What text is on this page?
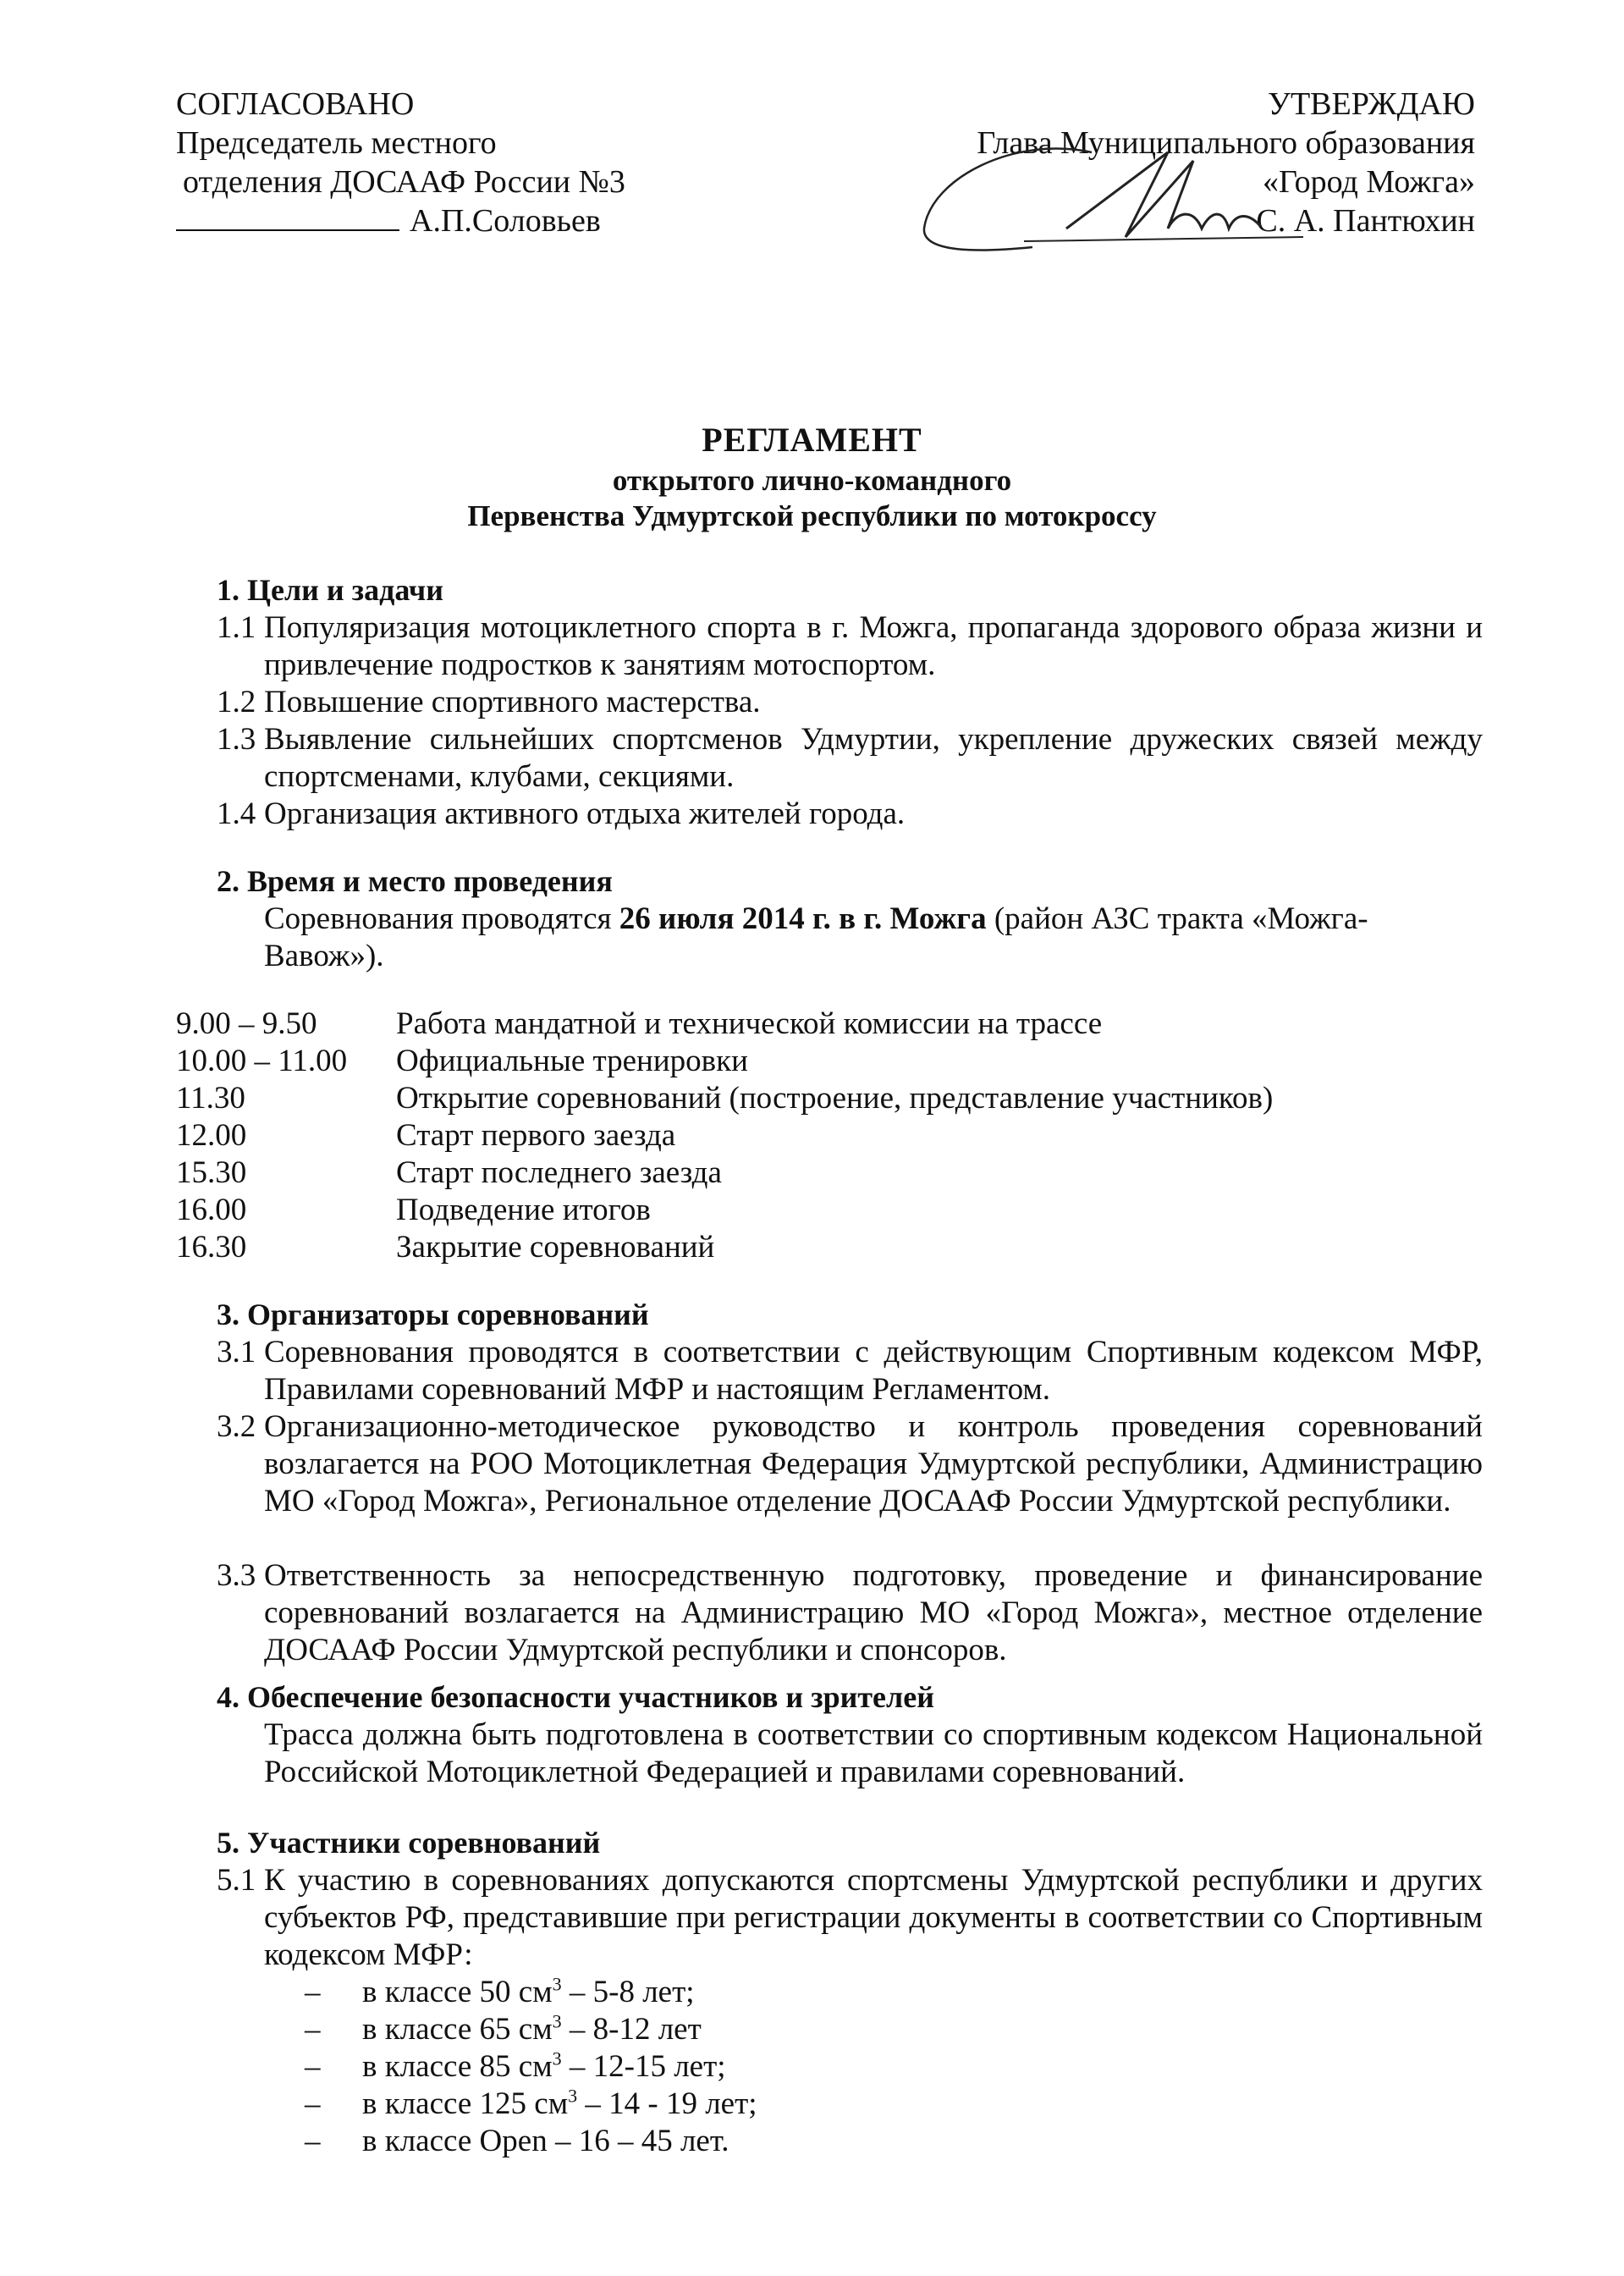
СОГЛАСОВАНО
Председатель местного
отделения ДОСААФ России №3
А.П.Соловьев
УТВЕРЖДАЮ
Глава Муниципального образования
«Город Можга»
С. А. Пантюхин
РЕГЛАМЕНТ
открытого лично-командного
Первенства Удмуртской республики по мотокроссу
1. Цели и задачи
1.1 Популяризация мотоциклетного спорта в г. Можга, пропаганда здорового образа жизни и привлечение подростков к занятиям мотоспортом.
1.2 Повышение спортивного мастерства.
1.3 Выявление сильнейших спортсменов Удмуртии, укрепление дружеских связей между спортсменами, клубами, секциями.
1.4 Организация активного отдыха жителей города.
2. Время и место проведения
Соревнования проводятся 26 июля 2014 г. в г. Можга (район АЗС тракта «Можга-Вавож»).
9.00 – 9.50	Работа мандатной и технической комиссии на трассе
10.00 – 11.00 Официальные тренировки
11.30	Открытие соревнований (построение, представление участников)
12.00	Старт первого заезда
15.30	Старт последнего заезда
16.00	Подведение итогов
16.30	Закрытие соревнований
3. Организаторы соревнований
3.1 Соревнования проводятся в соответствии с действующим Спортивным кодексом МФР, Правилами соревнований МФР и настоящим Регламентом.
3.2 Организационно-методическое руководство и контроль проведения соревнований возлагается на РОО Мотоциклетная Федерация Удмуртской республики, Администрацию МО «Город Можга», Региональное отделение ДОСААФ России Удмуртской республики.
3.3 Ответственность за непосредственную подготовку, проведение и финансирование соревнований возлагается на Администрацию МО «Город Можга», местное отделение ДОСААФ России Удмуртской республики и спонсоров.
4. Обеспечение безопасности участников и зрителей
Трасса должна быть подготовлена в соответствии со спортивным кодексом Национальной Российской Мотоциклетной Федерацией и правилами соревнований.
5. Участники соревнований
5.1 К участию в соревнованиях допускаются спортсмены Удмуртской республики и других субъектов РФ, представившие при регистрации документы в соответствии со Спортивным кодексом МФР:
– в классе 50 $см^3 - 5-8$ лет;
– в классе 65 $см^3 - 8-12$ лет
– в классе 85 $см^3 - 12-15$ лет;
– в классе 125 $см^3 - 14 - 19$ лет;
– в классе Open – 16 – 45 лет.
